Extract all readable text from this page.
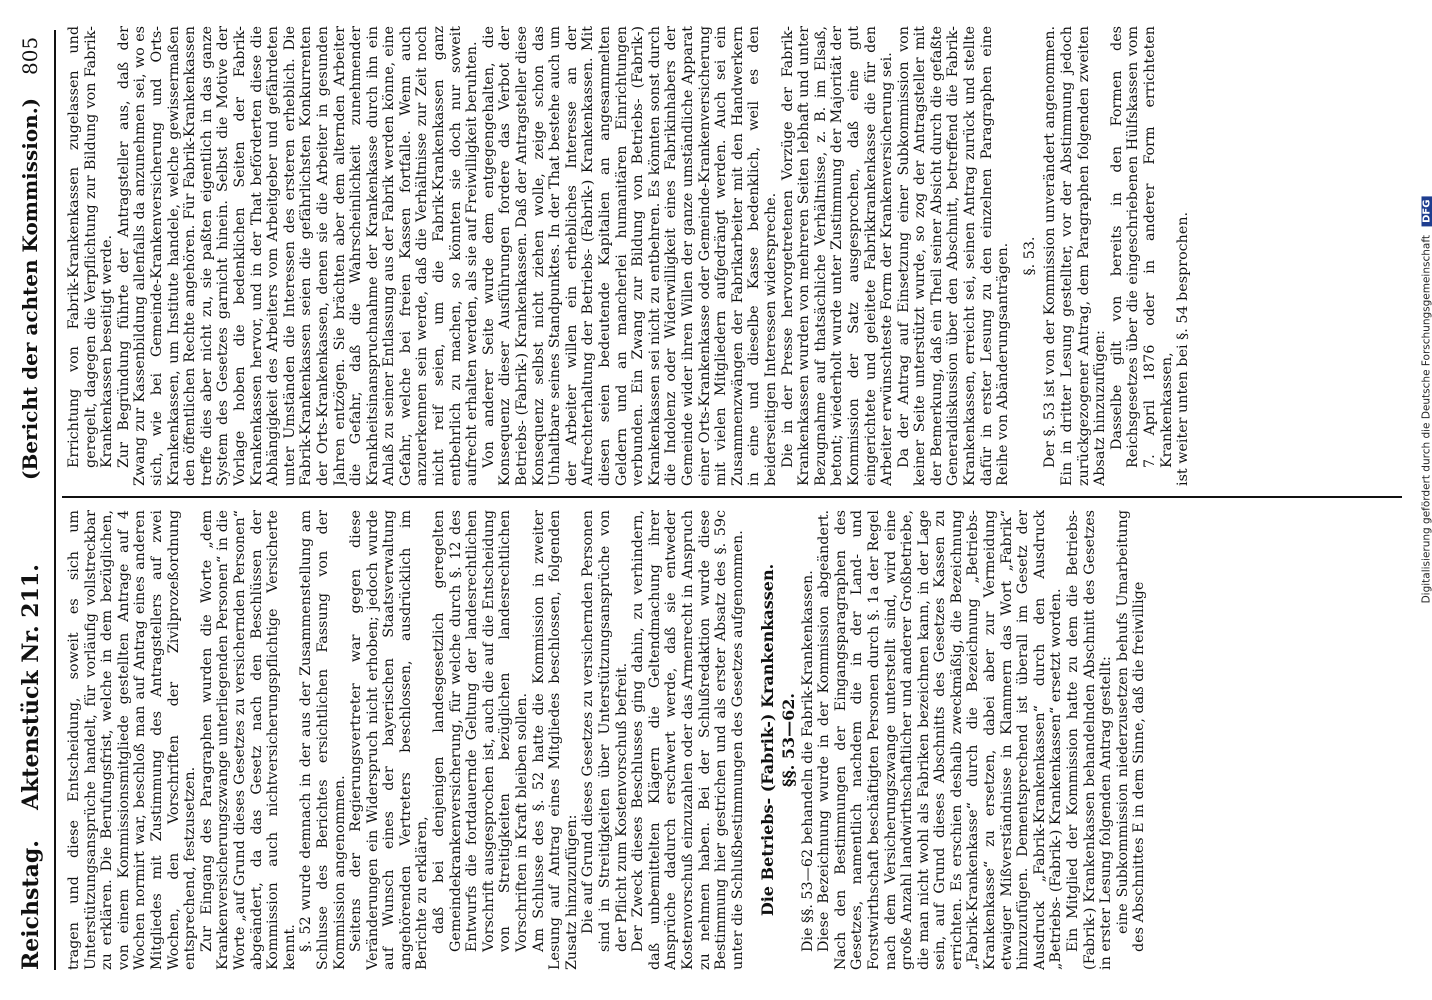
Reichstag.
Aktenstück Nr. 211.
(Bericht der achten Kommission.)
805

tragen und diese Entscheidung, soweit es sich um Unterstützungsansprüche handelt, für vorläufig vollstreckbar zu erklären. Die Berufungsfrist, welche in dem bezüglichen, von einem Kommissionsmitgliede gestellten Antrage auf 4 Wochen normirt war, beschloß man auf Antrag eines anderen Mitgliedes mit Zustimmung des Antragstellers auf zwei Wochen, den Vorschriften der Zivilprozeßordnung entsprechend, festzusetzen. Zur Eingang des Paragraphen wurden die Worte „dem Krankenversicherungszwange unterliegenden Personen“ in die Worte „auf Grund dieses Gesetzes zu versichernden Personen“ abgeändert, da das Gesetz nach den Beschlüssen der Kommission auch nichtversicherungspflichtige Versicherte kennt. §. 52 wurde demnach in der aus der Zusammenstellung am Schlusse des Berichtes ersichtlichen Fassung von der Kommission angenommen. Seitens der Regierungsvertreter war gegen diese Veränderungen ein Widerspruch nicht erhoben; jedoch wurde auf Wunsch eines der bayerischen Staatsverwaltung angehörenden Vertreters beschlossen, ausdrücklich im Berichte zu erklären, daß bei denjenigen landesgesetzlich geregelten Gemeindekrankenversicherung, für welche durch §. 12 des Entwurfs die fortdauernde Geltung der landesrechtlichen Vorschrift ausgesprochen ist, auch die auf die Entscheidung von Streitigkeiten bezüglichen landesrechtlichen Vorschriften in Kraft bleiben sollen. Am Schlusse des §. 52 hatte die Kommission in zweiter Lesung auf Antrag eines Mitgliedes beschlossen, folgenden Zusatz hinzuzufügen: Die auf Grund dieses Gesetzes zu versichernden Personen sind in Streitigkeiten über Unterstützungsansprüche von der Pflicht zum Kostenvorschuß befreit. Der Zweck dieses Beschlusses ging dahin, zu verhindern, daß unbemittelten Klägern die Geltendmachung ihrer Ansprüche dadurch erschwert werde, daß sie entweder Kostenvorschuß einzuzahlen oder das Armenrecht in Anspruch zu nehmen haben. Bei der Schlußredaktion wurde diese Bestimmung hier gestrichen und als erster Absatz des §. 59c unter die Schlußbestimmungen des Gesetzes aufgenommen. Die Betriebs- (Fabrik-) Krankenkassen. §§. 53—62. Die §§. 53—62 behandeln die Fabrik-Krankenkassen. Diese Bezeichnung wurde in der Kommission abgeändert. Nach den Bestimmungen der Eingangsparagraphen des Gesetzes, namentlich nachdem die in der Land- und Forstwirthschaft beschäftigten Personen durch §. 1a der Regel nach dem Versicherungszwange unterstellt sind, wird eine große Anzahl landwirthschaftlicher und anderer Großbetriebe, die man nicht wohl als Fabriken bezeichnen kann, in der Lage sein, auf Grund dieses Abschnitts des Gesetzes Kassen zu errichten. Es erschien deshalb zweckmäßig, die Bezeichnung „Fabrik-Krankenkasse“ durch die Bezeichnung „Betriebs-Krankenkasse“ zu ersetzen, dabei aber zur Vermeidung etwaiger Mißverständnisse in Klammern das Wort „Fabrik“ hinzuzufügen. Dementsprechend ist überall im Gesetz der Ausdruck „Fabrik-Krankenkassen“ durch den Ausdruck „Betriebs- (Fabrik-) Krankenkassen“ ersetzt worden. Ein Mitglied der Kommission hatte zu dem die Betriebs- (Fabrik-) Krankenkassen behandelnden Abschnitt des Gesetzes in erster Lesung folgenden Antrag gestellt: eine Subkommission niederzusetzen behufs Umarbeitung des Abschnittes E in dem Sinne, daß die freiwillige

Errichtung von Fabrik-Krankenkassen zugelassen und geregelt, dagegen die Verpflichtung zur Bildung von Fabrik-Krankenkassen beseitigt werde. Zur Begründung führte der Antragsteller aus, daß der Zwang zur Kassenbildung allenfalls da anzunehmen sei, wo es sich, wie bei Gemeinde-Krankenversicherung und Orts-Krankenkassen, um Institute handele, welche gewissermaßen den öffentlichen Rechte angehören. Für Fabrik-Krankenkassen treffe dies aber nicht zu, sie paßten eigentlich in das ganze System des Gesetzes garnicht hinein. Selbst die Motive der Vorlage hoben die bedenklichen Seiten der Fabrik-Krankenkassen hervor, und in der That beförderten diese die Abhängigkeit des Arbeiters vom Arbeitgeber und gefährdeten unter Umständen die Interessen des ersteren erheblich. Die Fabrik-Krankenkassen seien die gefährlichsten Konkurrenten der Orts-Krankenkassen, denen sie die Arbeiter in gesunden Jahren entzögen. Sie brächten aber dem alternden Arbeiter die Gefahr, daß die Wahrscheinlichkeit zunehmender Krankheitsinanspruchnahme der Krankenkasse durch ihn ein Anlaß zu seiner Entlassung aus der Fabrik werden könne, eine Gefahr, welche bei freien Kassen fortfalle. Wenn auch anzuerkennen sein werde, daß die Verhältnisse zur Zeit noch nicht reif seien, um die Fabrik-Krankenkassen ganz entbehrlich zu machen, so könnten sie doch nur soweit aufrecht erhalten werden, als sie auf Freiwilligkeit beruhten. Von anderer Seite wurde dem entgegengehalten, die Konsequenz dieser Ausführungen fordere das Verbot der Betriebs- (Fabrik-) Krankenkassen. Daß der Antragsteller diese Konsequenz selbst nicht ziehen wolle, zeige schon das Unhaltbare seines Standpunktes. In der That bestehe auch um der Arbeiter willen ein erhebliches Interesse an der Aufrechterhaltung der Betriebs- (Fabrik-) Krankenkassen. Mit diesen seien bedeutende Kapitalien an angesammelten Geldern und an mancherlei humanitären Einrichtungen verbunden. Ein Zwang zur Bildung von Betriebs- (Fabrik-) Krankenkassen sei nicht zu entbehren. Es könnten sonst durch die Indolenz oder Widerwilligkeit eines Fabrikinhabers der Gemeinde wider ihren Willen der ganze umständliche Apparat einer Orts-Krankenkasse oder Gemeinde-Krankenversicherung mit vielen Mitgliedern aufgedrängt werden. Auch sei ein Zusammenzwängen der Fabrikarbeiter mit den Handwerkern in eine und dieselbe Kasse bedenklich, weil es den beiderseitigen Interessen widerspreche. Die in der Presse hervorgetretenen Vorzüge der Fabrik-Krankenkassen wurden von mehreren Seiten lebhaft und unter Bezugnahme auf thatsächliche Verhältnisse, z. B. im Elsaß, betont; wiederholt wurde unter Zustimmung der Majorität der Kommission der Satz ausgesprochen, daß eine gut eingerichtete und geleitete Fabrikkrankenkasse die für den Arbeiter erwünschteste Form der Krankenversicherung sei. Da der Antrag auf Einsetzung einer Subkommission von keiner Seite unterstützt wurde, so zog der Antragsteller mit der Bemerkung, daß ein Theil seiner Absicht durch die gefaßte Generaldiskussion über den Abschnitt, betreffend die Fabrik-Krankenkassen, erreicht sei, seinen Antrag zurück und stellte dafür in erster Lesung zu den einzelnen Paragraphen eine Reihe von Abänderungsanträgen. §. 53. Der §. 53 ist von der Kommission unverändert angenommen. Ein in dritter Lesung gestellter, vor der Abstimmung jedoch zurückgezogener Antrag, dem Paragraphen folgenden zweiten Absatz hinzuzufügen: Dasselbe gilt von bereits in den Formen des Reichsgesetzes über die eingeschriebenen Hülfskassen vom 7. April 1876 oder in anderer Form errichteten Krankenkassen, ist weiter unten bei §. 54 besprochen.	Digitalisierung gefördert durch die Deutsche Forschungsgemeinschaft DFG
